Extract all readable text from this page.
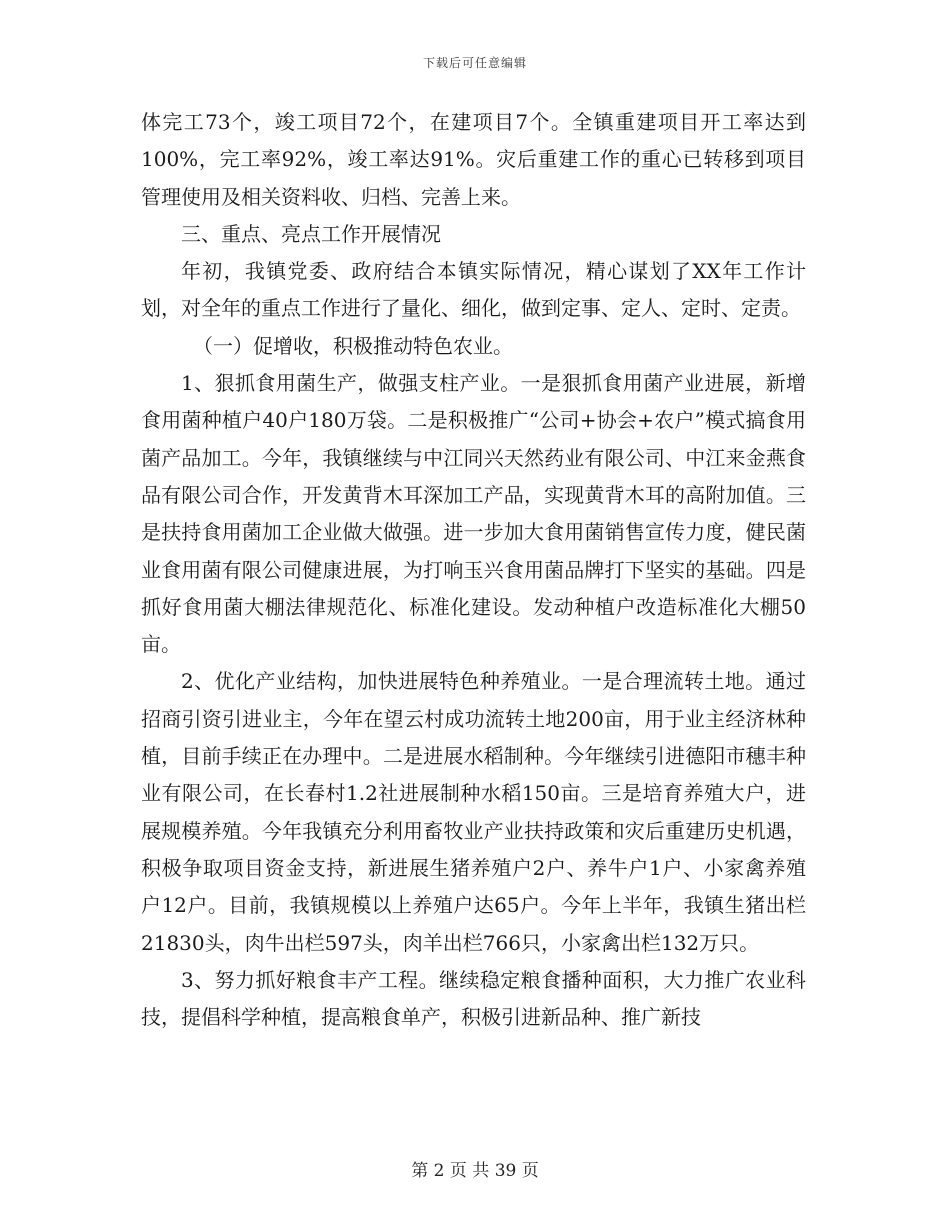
下载后可任意编辑

体完工73个，竣工项目72个，在建项目7个。全镇重建项目开工率达到100%，完工率92%，竣工率达91%。灾后重建工作的重心已转移到项目管理使用及相关资料收、归档、完善上来。

三、重点、亮点工作开展情况

年初，我镇党委、政府结合本镇实际情况，精心谋划了XX年工作计划，对全年的重点工作进行了量化、细化，做到定事、定人、定时、定责。

（一）促增收，积极推动特色农业。

1、狠抓食用菌生产，做强支柱产业。一是狠抓食用菌产业进展，新增食用菌种植户40户180万袋。二是积极推广“公司+协会+农户”模式搞食用菌产品加工。今年，我镇继续与中江同兴天然药业有限公司、中江来金燕食品有限公司合作，开发黄背木耳深加工产品，实现黄背木耳的高附加值。三是扶持食用菌加工企业做大做强。进一步加大食用菌销售宣传力度，健民菌业食用菌有限公司健康进展，为打响玉兴食用菌品牌打下坚实的基础。四是抓好食用菌大棚法律规范化、标准化建设。发动种植户改造标准化大棚50亩。

2、优化产业结构，加快进展特色种养殖业。一是合理流转土地。通过招商引资引进业主，今年在望云村成功流转土地200亩，用于业主经济林种植，目前手续正在办理中。二是进展水稻制种。今年继续引进德阳市穗丰种业有限公司，在长春村1.2社进展制种水稻150亩。三是培育养殖大户，进展规模养殖。今年我镇充分利用畜牧业产业扶持政策和灾后重建历史机遇，积极争取项目资金支持，新进展生猪养殖户2户、养牛户1户、小家禽养殖户12户。目前，我镇规模以上养殖户达65户。今年上半年，我镇生猪出栏21830头，肉牛出栏597头，肉羊出栏766只，小家禽出栏132万只。

3、努力抓好粮食丰产工程。继续稳定粮食播种面积，大力推广农业科技，提倡科学种植，提高粮食单产，积极引进新品种、推广新技

第 2 页 共 39 页
